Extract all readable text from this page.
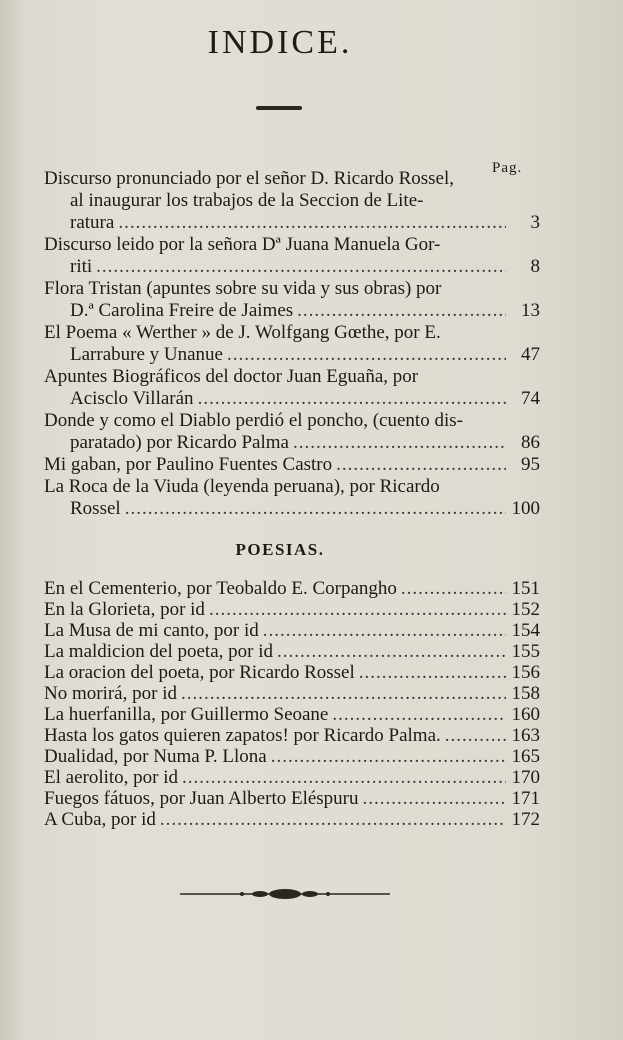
INDICE.
Pag.
Discurso pronunciado por el señor D. Ricardo Rossel,
al inaugurar los trabajos de la Seccion de Lite-
ratura .....	3
Discurso leido por la señora Dª Juana Manuela Gor-
riti .....	8
Flora Tristan (apuntes sobre su vida y sus obras) por
D.ª Carolina Freire de Jaimes .....	13
El Poema « Werther » de J. Wolfgang Gœthe, por E.
Larrabure y Unanue .....	47
Apuntes Biográficos del doctor Juan Eguaña, por
Acisclo Villarán .....	74
Donde y como el Diablo perdió el poncho, (cuento dis-
paratado) por Ricardo Palma .....	86
Mi gaban, por Paulino Fuentes Castro .....	95
La Roca de la Viuda (leyenda peruana), por Ricardo
Rossel .....	100
POESIAS.
En el Cementerio, por Teobaldo E. Corpangho .....	151
En la Glorieta, por id .....	152
La Musa de mi canto, por id .....	154
La maldicion del poeta, por id .....	155
La oracion del poeta, por Ricardo Rossel .....	156
No morirá, por id .....	158
La huerfanilla, por Guillermo Seoane .....	160
Hasta los gatos quieren zapatos! por Ricardo Palma. .....	163
Dualidad, por Numa P. Llona .....	165
El aerolito, por id .....	170
Fuegos fátuos, por Juan Alberto Eléspuru .....	171
A Cuba, por id .....	172
